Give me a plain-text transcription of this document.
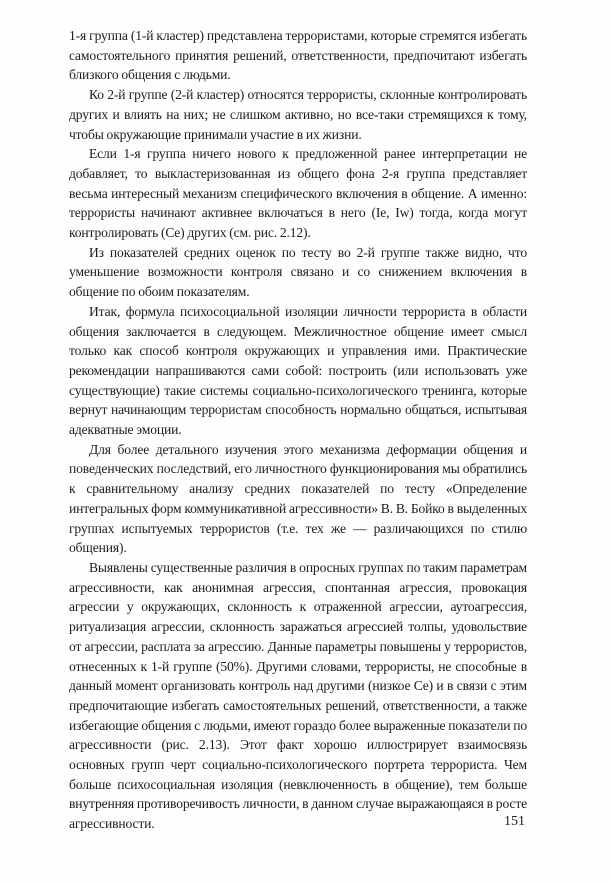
1-я группа (1-й кластер) представлена террористами, которые стремятся избегать самостоятельного принятия решений, ответственности, предпочитают избегать близкого общения с людьми.

Ко 2-й группе (2-й кластер) относятся террористы, склонные контролировать других и влиять на них; не слишком активно, но все-таки стремящихся к тому, чтобы окружающие принимали участие в их жизни.

Если 1-я группа ничего нового к предложенной ранее интерпретации не добавляет, то выкластеризованная из общего фона 2-я группа представляет весьма интересный механизм специфического включения в общение. А именно: террористы начинают активнее включаться в него (Ie, Iw) тогда, когда могут контролировать (Ce) других (см. рис. 2.12).

Из показателей средних оценок по тесту во 2-й группе также видно, что уменьшение возможности контроля связано и со снижением включения в общение по обоим показателям.

Итак, формула психосоциальной изоляции личности террориста в области общения заключается в следующем. Межличностное общение имеет смысл только как способ контроля окружающих и управления ими. Практические рекомендации напрашиваются сами собой: построить (или использовать уже существующие) такие системы социально-психологического тренинга, которые вернут начинающим террористам способность нормально общаться, испытывая адекватные эмоции.

Для более детального изучения этого механизма деформации общения и поведенческих последствий, его личностного функционирования мы обратились к сравнительному анализу средних показателей по тесту «Определение интегральных форм коммуникативной агрессивности» В. В. Бойко в выделенных группах испытуемых террористов (т.е. тех же — различающихся по стилю общения).

Выявлены существенные различия в опросных группах по таким параметрам агрессивности, как анонимная агрессия, спонтанная агрессия, провокация агрессии у окружающих, склонность к отраженной агрессии, аутоагрессия, ритуализация агрессии, склонность заражаться агрессией толпы, удовольствие от агрессии, расплата за агрессию. Данные параметры повышены у террористов, отнесенных к 1-й группе (50%). Другими словами, террористы, не способные в данный момент организовать контроль над другими (низкое Ce) и в связи с этим предпочитающие избегать самостоятельных решений, ответственности, а также избегающие общения с людьми, имеют гораздо более выраженные показатели по агрессивности (рис. 2.13). Этот факт хорошо иллюстрирует взаимосвязь основных групп черт социально-психологического портрета террориста. Чем больше психосоциальная изоляция (невключенность в общение), тем больше внутренняя противоречивость личности, в данном случае выражающаяся в росте агрессивности.	151
